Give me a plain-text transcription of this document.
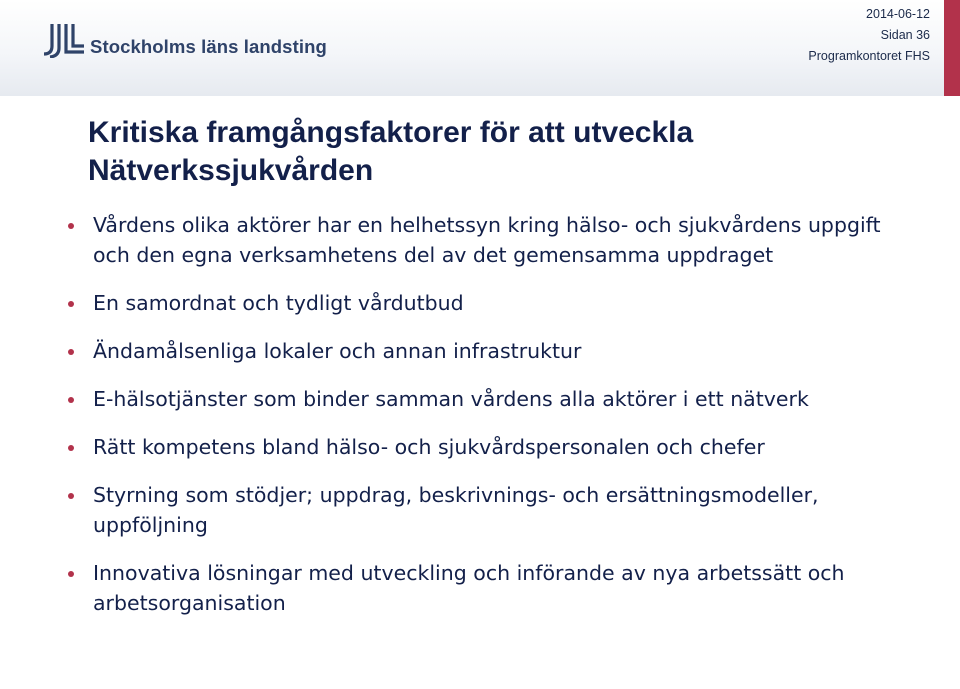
Stockholms läns landsting
2014-06-12
Sidan 36
Programkontoret FHS
Kritiska framgångsfaktorer för att utveckla Nätverkssjukvården
Vårdens olika aktörer har en helhetssyn kring hälso- och sjukvårdens uppgift och den egna verksamhetens del av det gemensamma uppdraget
En samordnat och tydligt vårdutbud
Ändamålsenliga lokaler och annan infrastruktur
E-hälsotjänster som binder samman vårdens alla aktörer i ett nätverk
Rätt kompetens bland hälso- och sjukvårdspersonalen och chefer
Styrning som stödjer; uppdrag, beskrivnings- och ersättningsmodeller, uppföljning
Innovativa lösningar med utveckling och införande av nya arbetssätt och arbetsorganisation
